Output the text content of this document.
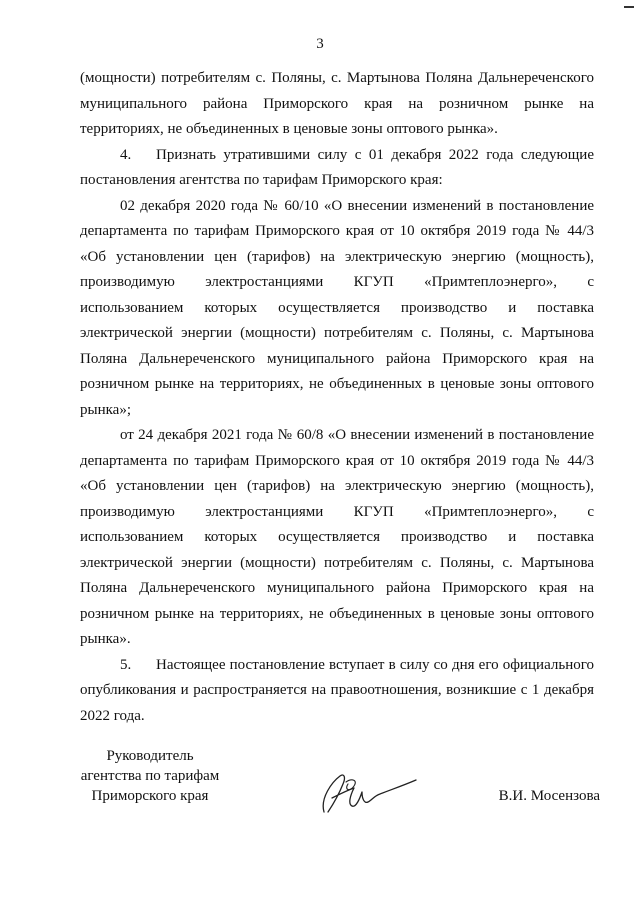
3

(мощности) потребителям с. Поляны, с. Мартынова Поляна Дальнереченского муниципального района Приморского края на розничном рынке на территориях, не объединенных в ценовые зоны оптового рынка».

4. Признать утратившими силу с 01 декабря 2022 года следующие постановления агентства по тарифам Приморского края:

02 декабря 2020 года № 60/10 «О внесении изменений в постановление департамента по тарифам Приморского края от 10 октября 2019 года № 44/3 «Об установлении цен (тарифов) на электрическую энергию (мощность), производимую электростанциями КГУП «Примтеплоэнерго», с использованием которых осуществляется производство и поставка электрической энергии (мощности) потребителям с. Поляны, с. Мартынова Поляна Дальнереченского муниципального района Приморского края на розничном рынке на территориях, не объединенных в ценовые зоны оптового рынка»;

от 24 декабря 2021 года № 60/8 «О внесении изменений в постановление департамента по тарифам Приморского края от 10 октября 2019 года № 44/3 «Об установлении цен (тарифов) на электрическую энергию (мощность), производимую электростанциями КГУП «Примтеплоэнерго», с использованием которых осуществляется производство и поставка электрической энергии (мощности) потребителям с. Поляны, с. Мартынова Поляна Дальнереченского муниципального района Приморского края на розничном рынке на территориях, не объединенных в ценовые зоны оптового рынка».

5. Настоящее постановление вступает в силу со дня его официального опубликования и распространяется на правоотношения, возникшие с 1 декабря 2022 года.

Руководитель
агентства по тарифам
Приморского края	В.И. Мосензова
